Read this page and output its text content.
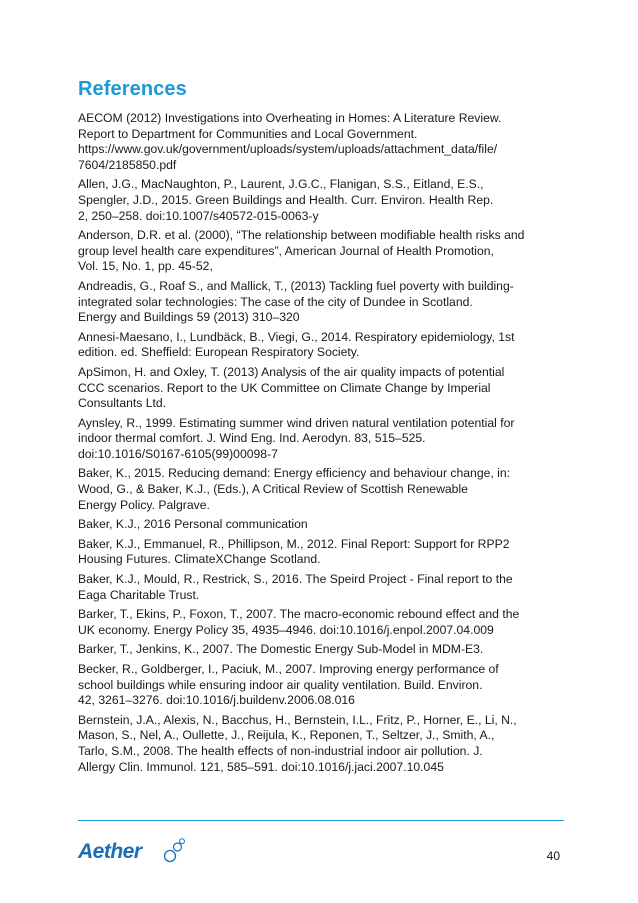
References
AECOM (2012) Investigations into Overheating in Homes: A Literature Review.
Report to Department for Communities and Local Government.
https://www.gov.uk/government/uploads/system/uploads/attachment_data/file/
7604/2185850.pdf
Allen, J.G., MacNaughton, P., Laurent, J.G.C., Flanigan, S.S., Eitland, E.S.,
Spengler, J.D., 2015. Green Buildings and Health. Curr. Environ. Health Rep.
2, 250–258. doi:10.1007/s40572-015-0063-y
Anderson, D.R. et al. (2000), “The relationship between modifiable health risks and
group level health care expenditures”, American Journal of Health Promotion,
Vol. 15, No. 1, pp. 45-52,
Andreadis, G., Roaf S., and Mallick, T., (2013) Tackling fuel poverty with building-
integrated solar technologies: The case of the city of Dundee in Scotland.
Energy and Buildings 59 (2013) 310–320
Annesi-Maesano, I., Lundbäck, B., Viegi, G., 2014. Respiratory epidemiology, 1st
edition. ed. Sheffield: European Respiratory Society.
ApSimon, H. and Oxley, T. (2013) Analysis of the air quality impacts of potential
CCC scenarios. Report to the UK Committee on Climate Change by Imperial
Consultants Ltd.
Aynsley, R., 1999. Estimating summer wind driven natural ventilation potential for
indoor thermal comfort. J. Wind Eng. Ind. Aerodyn. 83, 515–525.
doi:10.1016/S0167-6105(99)00098-7
Baker, K., 2015. Reducing demand: Energy efficiency and behaviour change, in:
Wood, G., & Baker, K.J., (Eds.), A Critical Review of Scottish Renewable
Energy Policy. Palgrave.
Baker, K.J., 2016 Personal communication
Baker, K.J., Emmanuel, R., Phillipson, M., 2012. Final Report: Support for RPP2
Housing Futures. ClimateXChange Scotland.
Baker, K.J., Mould, R., Restrick, S., 2016. The Speird Project - Final report to the
Eaga Charitable Trust.
Barker, T., Ekins, P., Foxon, T., 2007. The macro-economic rebound effect and the
UK economy. Energy Policy 35, 4935–4946. doi:10.1016/j.enpol.2007.04.009
Barker, T., Jenkins, K., 2007. The Domestic Energy Sub-Model in MDM-E3.
Becker, R., Goldberger, I., Paciuk, M., 2007. Improving energy performance of
school buildings while ensuring indoor air quality ventilation. Build. Environ.
42, 3261–3276. doi:10.1016/j.buildenv.2006.08.016
Bernstein, J.A., Alexis, N., Bacchus, H., Bernstein, I.L., Fritz, P., Horner, E., Li, N.,
Mason, S., Nel, A., Oullette, J., Reijula, K., Reponen, T., Seltzer, J., Smith, A.,
Tarlo, S.M., 2008. The health effects of non-industrial indoor air pollution. J.
Allergy Clin. Immunol. 121, 585–591. doi:10.1016/j.jaci.2007.10.045
Aether	40
